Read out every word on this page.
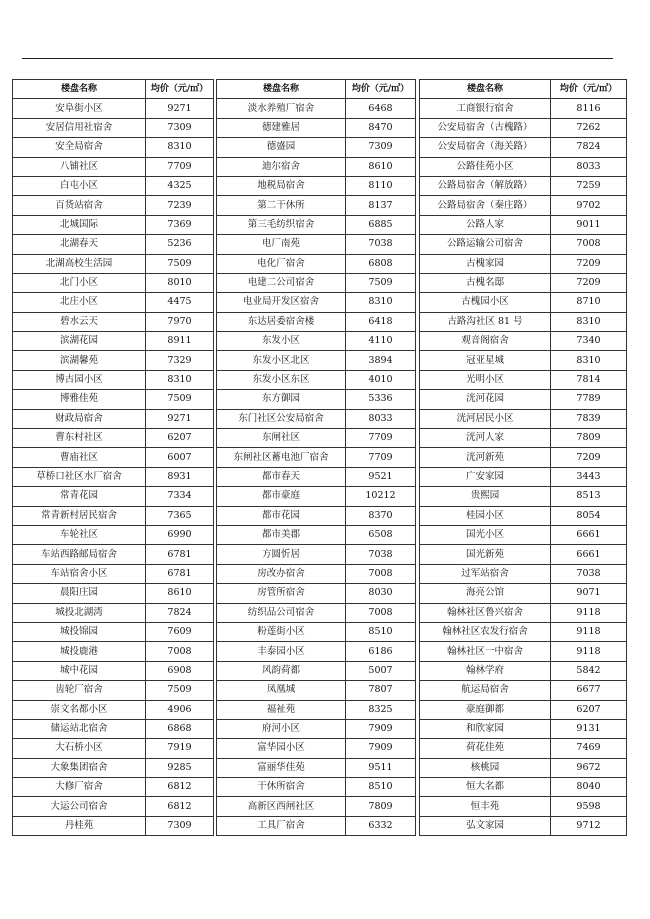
楼盘名称	均价（元/㎡）
安阜街小区	9271
安居信用社宿舍	7309
安全局宿舍	8310
八铺社区	7709
白屯小区	4325
百货站宿舍	7239
北城国际	7369
北湖春天	5236
北湖高校生活园	7509
北门小区	8010
北庄小区	4475
碧水云天	7970
滨湖花园	8911
滨湖馨苑	7329
博古园小区	8310
博雅佳苑	7509
财政局宿舍	9271
曹东村社区	6207
曹庙社区	6007
草桥口社区水厂宿舍	8931
常青花园	7334
常青新村居民宿舍	7365
车轮社区	6990
车站西路邮局宿舍	6781
车站宿舍小区	6781
晨阳庄园	8610
城投北湖湾	7824
城投锦园	7609
城投鹿港	7008
城中花园	6908
齿轮厂宿舍	7509
崇文名都小区	4906
储运站北宿舍	6868
大石桥小区	7919
大象集团宿舍	9285
大修厂宿舍	6812
大运公司宿舍	6812
丹桂苑	7309
楼盘名称	均价（元/㎡）
淡水养殖厂宿舍	6468
德建雅居	8470
德盛园	7309
迪尔宿舍	8610
地税局宿舍	8110
第二干休所	8137
第三毛纺织宿舍	6885
电厂南苑	7038
电化厂宿舍	6808
电建二公司宿舍	7509
电业局开发区宿舍	8310
东达居委宿舍楼	6418
东发小区	4110
东发小区北区	3894
东发小区东区	4010
东方御园	5336
东门社区公安局宿舍	8033
东闸社区	7709
东闸社区蓄电池厂宿舍	7709
都市春天	9521
都市豪庭	10212
都市花园	8370
都市美郡	6508
方圆忻居	7038
房改办宿舍	7008
房管所宿舍	8030
纺织品公司宿舍	7008
粉莲街小区	8510
丰泰园小区	6186
风韵荷都	5007
凤凰城	7807
福祉苑	8325
府河小区	7909
富华园小区	7909
富丽华佳苑	9511
干休所宿舍	8510
高新区西闸社区	7809
工具厂宿舍	6332
楼盘名称	均价（元/㎡）
工商银行宿舍	8116
公安局宿舍（古槐路）	7262
公安局宿舍（海关路）	7824
公路佳苑小区	8033
公路局宿舍（解放路）	7259
公路局宿舍（秦庄路）	9702
公路人家	9011
公路运输公司宿舍	7008
古槐家园	7209
古槐名邸	7209
古槐园小区	8710
古路沟社区 81 号	8310
观音阁宿舍	7340
冠亚星城	8310
光明小区	7814
洸河花园	7789
洸河居民小区	7839
洸河人家	7809
洸河新苑	7209
广安家园	3443
贵熙园	8513
桂园小区	8054
国光小区	6661
国光新苑	6661
过军站宿舍	7038
海亮公馆	9071
翰林社区鲁兴宿舍	9118
翰林社区农发行宿舍	9118
翰林社区一中宿舍	9118
翰林学府	5842
航运局宿舍	6677
豪庭御都	6207
和欣家园	9131
荷花佳苑	7469
核桃园	9672
恒大名都	8040
恒丰苑	9598
弘文家园	9712
